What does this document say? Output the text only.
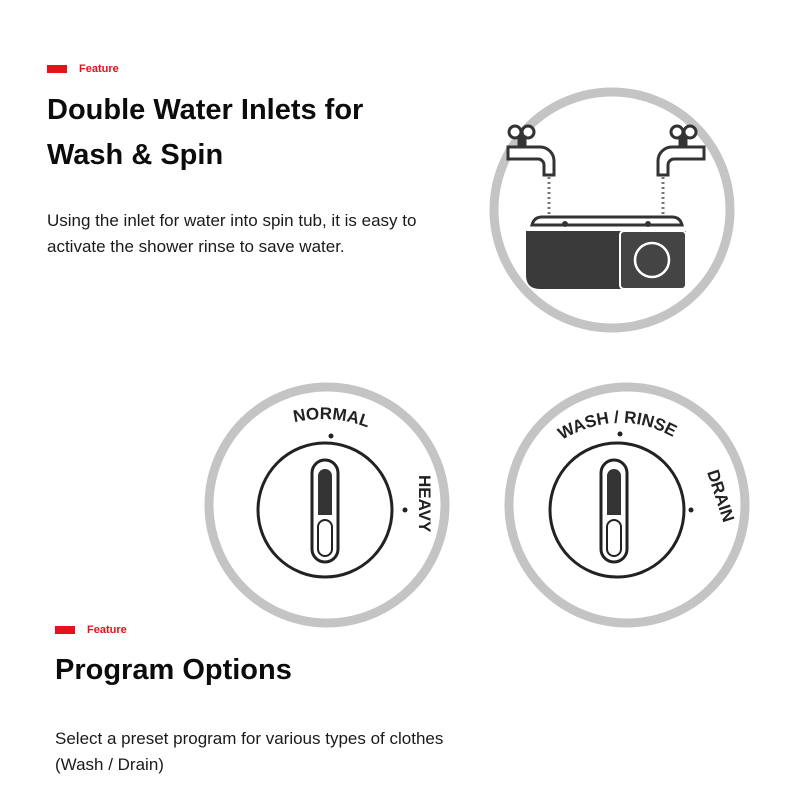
Feature
Double Water Inlets for
Wash & Spin

Using the inlet for water into spin tub, it is easy to activate the shower rinse to save water.

NORMAL
HEAVY
WASH / RINSE
DRAIN
Feature
Program Options

Select a preset program for various types of clothes (Wash / Drain)
